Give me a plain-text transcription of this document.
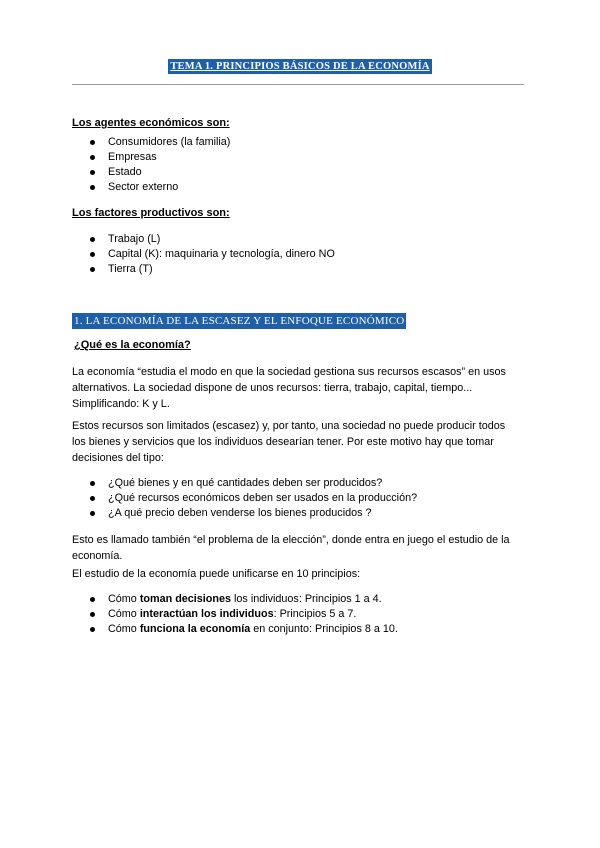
TEMA 1. PRINCIPIOS BÁSICOS DE LA ECONOMÍA
Los agentes económicos son:
Consumidores (la familia)
Empresas
Estado
Sector externo
Los factores productivos son:
Trabajo (L)
Capital (K): maquinaria y tecnología, dinero NO
Tierra (T)
1. LA ECONOMÍA DE LA ESCASEZ Y EL ENFOQUE ECONÓMICO
¿Qué es la economía?
La economía “estudia el modo en que la sociedad gestiona sus recursos escasos” en usos
alternativos. La sociedad dispone de unos recursos: tierra, trabajo, capital, tiempo...
Simplificando: K y L.
Estos recursos son limitados (escasez) y, por tanto, una sociedad no puede producir todos
los bienes y servicios que los individuos desearían tener. Por este motivo hay que tomar
decisiones del tipo:
¿Qué bienes y en qué cantidades deben ser producidos?
¿Qué recursos económicos deben ser usados en la producción?
¿A qué precio deben venderse los bienes producidos ?
Esto es llamado también “el problema de la elección”, donde entra en juego el estudio de la
economía.
El estudio de la economía puede unificarse en 10 principios:
Cómo toman decisiones los individuos: Principios 1 a 4.
Cómo interactúan los individuos: Principios 5 a 7.
Cómo funciona la economía en conjunto: Principios 8 a 10.
